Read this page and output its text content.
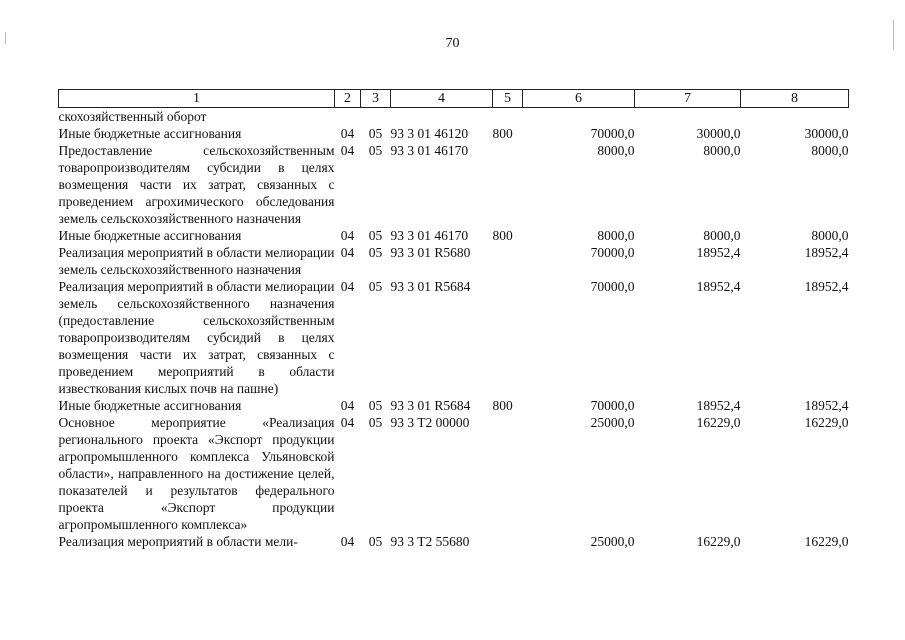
70
1	2	3	4	5	6	7	8
скохозяйственный оборот							
Иные бюджетные ассигнования	04	05	93 3 01 46120	800	70000,0	30000,0	30000,0
Предоставление сельскохозяйственным товаропроизводителям субсидии в целях возмещения части их затрат, связанных с проведением агрохимического обследования земель сельскохозяйственного назначения	04	05	93 3 01 46170		8000,0	8000,0	8000,0
Иные бюджетные ассигнования	04	05	93 3 01 46170	800	8000,0	8000,0	8000,0
Реализация мероприятий в области мелиорации земель сельскохозяйственного назначения	04	05	93 3 01 R5680		70000,0	18952,4	18952,4
Реализация мероприятий в области мелиорации земель сельскохозяйственного назначения (предоставление сельскохозяйственным товаропроизводителям субсидий в целях возмещения части их затрат, связанных с проведением мероприятий в области известкования кислых почв на пашне)	04	05	93 3 01 R5684		70000,0	18952,4	18952,4
Иные бюджетные ассигнования	04	05	93 3 01 R5684	800	70000,0	18952,4	18952,4
Основное мероприятие «Реализация регионального проекта «Экспорт продукции агропромышленного комплекса Ульяновской области», направленного на достижение целей, показателей и результатов федерального проекта «Экспорт продукции агропромышленного комплекса»	04	05	93 3 T2 00000		25000,0	16229,0	16229,0
Реализация мероприятий в области мели-	04	05	93 3 T2 55680		25000,0	16229,0	16229,0
